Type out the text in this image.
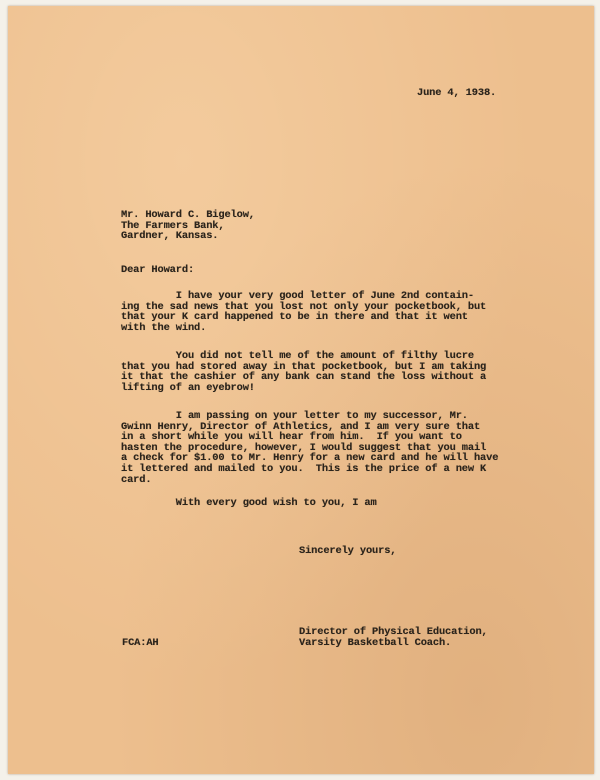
June 4, 1938.

Mr. Howard C. Bigelow,
The Farmers Bank,
Gardner, Kansas.

Dear Howard:

I have your very good letter of June 2nd contain-
ing the sad news that you lost not only your pocketbook, but
that your K card happened to be in there and that it went
with the wind.
You did not tell me of the amount of filthy lucre
that you had stored away in that pocketbook, but I am taking
it that the cashier of any bank can stand the loss without a
lifting of an eyebrow!
I am passing on your letter to my successor, Mr.
Gwinn Henry, Director of Athletics, and I am very sure that
in a short while you will hear from him.  If you want to
hasten the procedure, however, I would suggest that you mail
a check for $1.00 to Mr. Henry for a new card and he will have
it lettered and mailed to you.  This is the price of a new K
card.
With every good wish to you, I am

Sincerely yours,

FCA:AH

Director of Physical Education,
Varsity Basketball Coach.
